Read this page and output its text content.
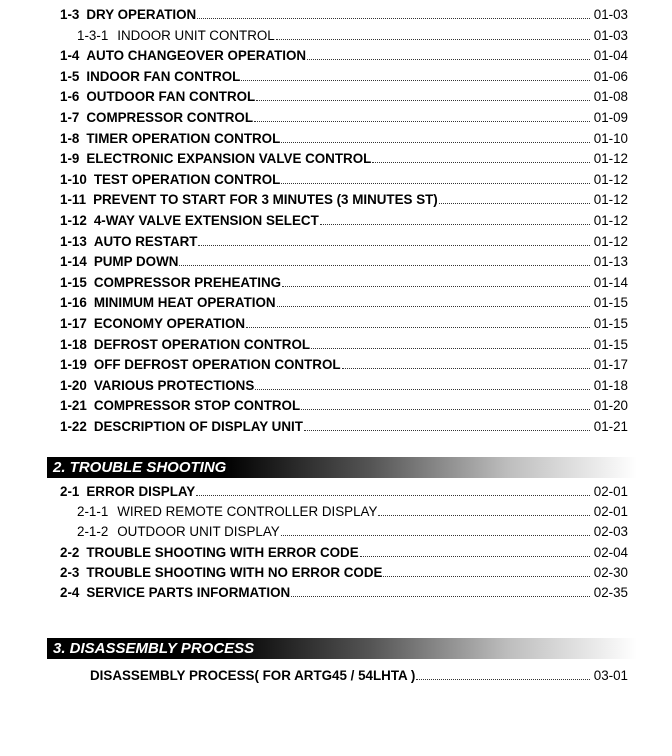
1-3 DRY OPERATION	01-03
1-3-1 INDOOR UNIT CONTROL	01-03
1-4 AUTO CHANGEOVER OPERATION	01-04
1-5 INDOOR FAN CONTROL	01-06
1-6 OUTDOOR FAN CONTROL	01-08
1-7 COMPRESSOR CONTROL	01-09
1-8 TIMER OPERATION CONTROL	01-10
1-9 ELECTRONIC EXPANSION VALVE CONTROL	01-12
1-10 TEST OPERATION CONTROL	01-12
1-11 PREVENT TO START FOR 3 MINUTES (3 MINUTES ST)	01-12
1-12 4-WAY VALVE EXTENSION SELECT	01-12
1-13 AUTO RESTART	01-12
1-14 PUMP DOWN	01-13
1-15 COMPRESSOR PREHEATING	01-14
1-16 MINIMUM HEAT OPERATION	01-15
1-17 ECONOMY OPERATION	01-15
1-18 DEFROST OPERATION CONTROL	01-15
1-19 OFF DEFROST OPERATION CONTROL	01-17
1-20 VARIOUS PROTECTIONS	01-18
1-21 COMPRESSOR STOP CONTROL	01-20
1-22 DESCRIPTION OF DISPLAY UNIT	01-21
2. TROUBLE SHOOTING
2-1 ERROR DISPLAY	02-01
2-1-1 WIRED REMOTE CONTROLLER DISPLAY	02-01
2-1-2 OUTDOOR UNIT DISPLAY	02-03
2-2 TROUBLE SHOOTING WITH ERROR CODE	02-04
2-3 TROUBLE SHOOTING WITH NO ERROR CODE	02-30
2-4 SERVICE PARTS INFORMATION	02-35
3. DISASSEMBLY PROCESS
DISASSEMBLY PROCESS( FOR ARTG45 / 54LHTA )	03-01
